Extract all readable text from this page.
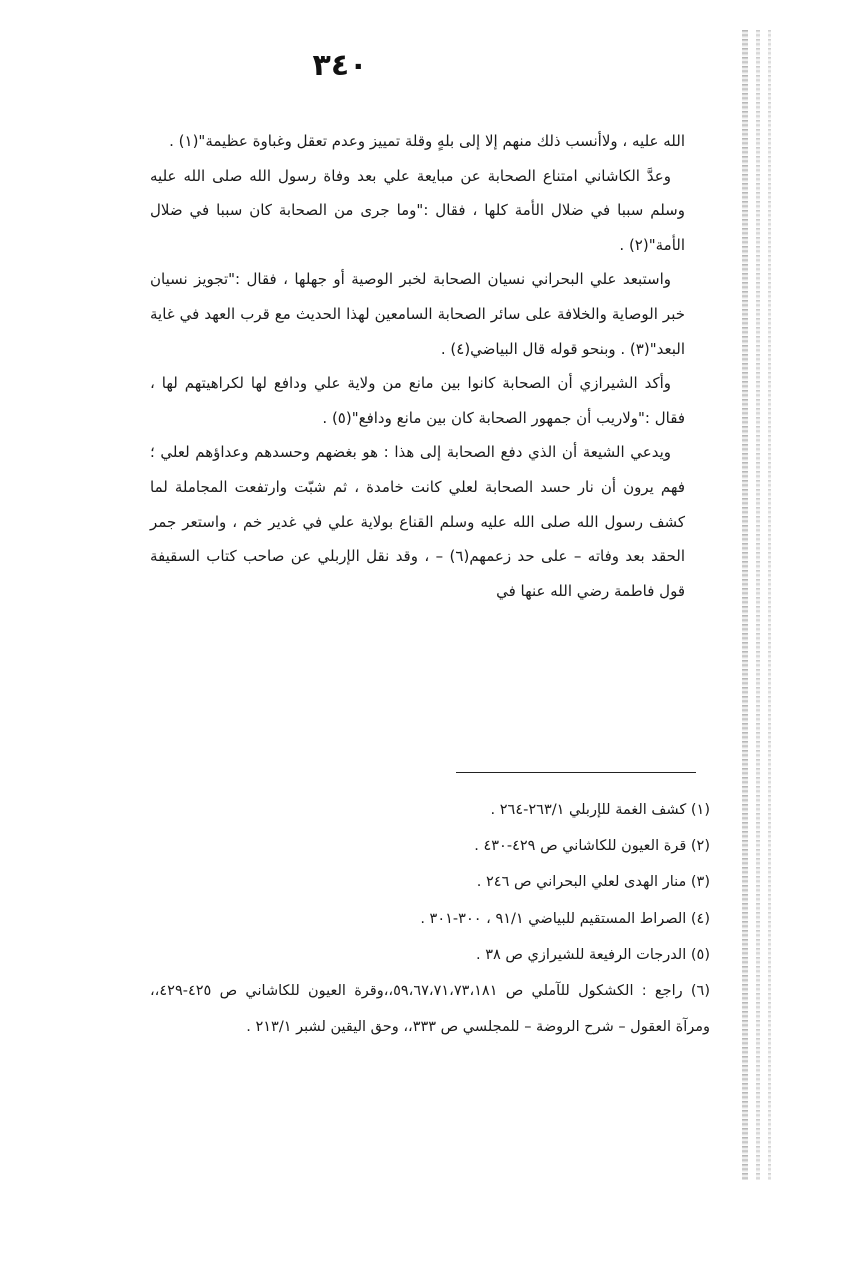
٣٤٠

الله عليه ، ولاأنسب ذلك منهم إلا إلى بلهٍ وقلة تمييز وعدم تعقل وغباوة عظيمة"(١) .

وعدَّ الكاشاني امتناع الصحابة عن مبايعة علي بعد وفاة رسول الله صلى الله عليه وسلم سببا في ضلال الأمة كلها ، فقال :"وما جرى من الصحابة كان سببا في ضلال الأمة"(٢) .

واستبعد علي البحراني نسيان الصحابة لخبر الوصية أو جهلها ، فقال :"تجويز نسيان خبر الوصاية والخلافة على سائر الصحابة السامعين لهذا الحديث مع قرب العهد في غاية البعد"(٣) . وبنحو قوله قال البياضي(٤) .

وأكد الشيرازي أن الصحابة كانوا بين مانع من ولاية علي ودافع لها لكراهيتهم لها ، فقال :"ولاريب أن جمهور الصحابة كان بين مانع ودافع"(٥) .

ويدعي الشيعة أن الذي دفع الصحابة إلى هذا : هو بغضهم وحسدهم وعداؤهم لعلي ؛ فهم يرون أن نار حسد الصحابة لعلي كانت خامدة ، ثم شبّت وارتفعت المجاملة لما كشف رسول الله صلى الله عليه وسلم القناع بولاية علي في غدير خم ، واستعر جمر الحقد بعد وفاته – على حد زعمهم(٦) – ، وقد نقل الإربلي عن صاحب كتاب السقيفة قول فاطمة رضي الله عنها في

(١) كشف الغمة للإربلي ٢٦٣/١-٢٦٤ .

(٢) قرة العيون للكاشاني ص ٤٢٩-٤٣٠ .

(٣) منار الهدى لعلي البحراني ص ٢٤٦ .

(٤) الصراط المستقيم للبياضي ٩١/١ ، ٣٠٠-٣٠١ .

(٥) الدرجات الرفيعة للشيرازي ص ٣٨ .

(٦) راجع : الكشكول للآملي ص ٥٩،٦٧،٧١،٧٣،١٨١،،وقرة العيون للكاشاني ص ٤٢٥-٤٢٩،، ومرآة العقول – شرح الروضة – للمجلسي ص ٣٣٣،، وحق اليقين لشبر ٢١٣/١ .
